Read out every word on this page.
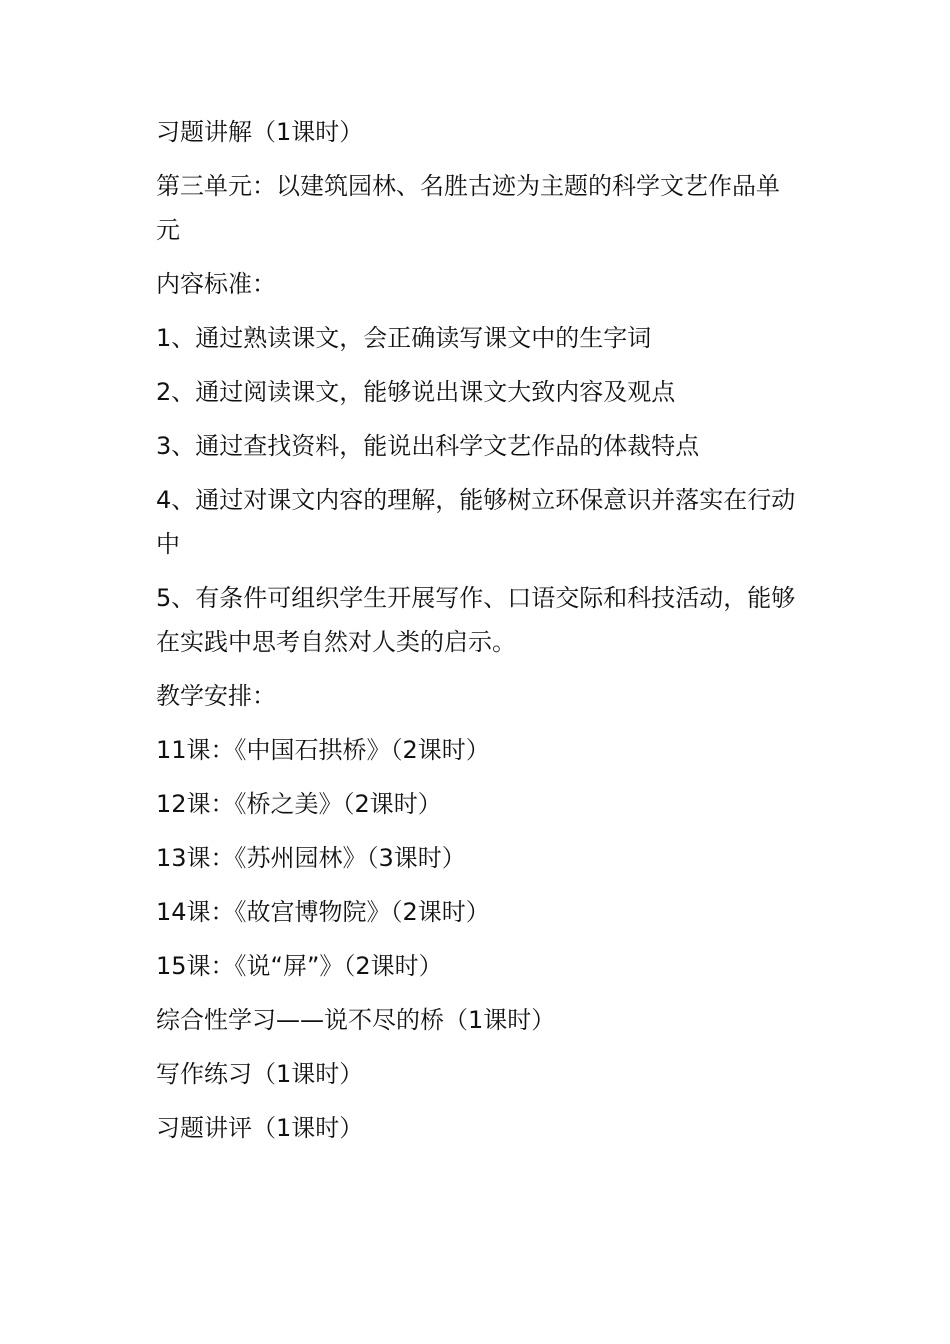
习题讲解（1课时）

第三单元：以建筑园林、名胜古迹为主题的科学文艺作品单元

内容标准：

1、通过熟读课文，会正确读写课文中的生字词

2、通过阅读课文，能够说出课文大致内容及观点

3、通过查找资料，能说出科学文艺作品的体裁特点

4、通过对课文内容的理解，能够树立环保意识并落实在行动中

5、有条件可组织学生开展写作、口语交际和科技活动，能够在实践中思考自然对人类的启示。

教学安排：

11课：《中国石拱桥》（2课时）

12课：《桥之美》（2课时）

13课：《苏州园林》（3课时）

14课：《故宫博物院》（2课时）

15课：《说“屏”》（2课时）

综合性学习——说不尽的桥（1课时）

写作练习（1课时）

习题讲评（1课时）
